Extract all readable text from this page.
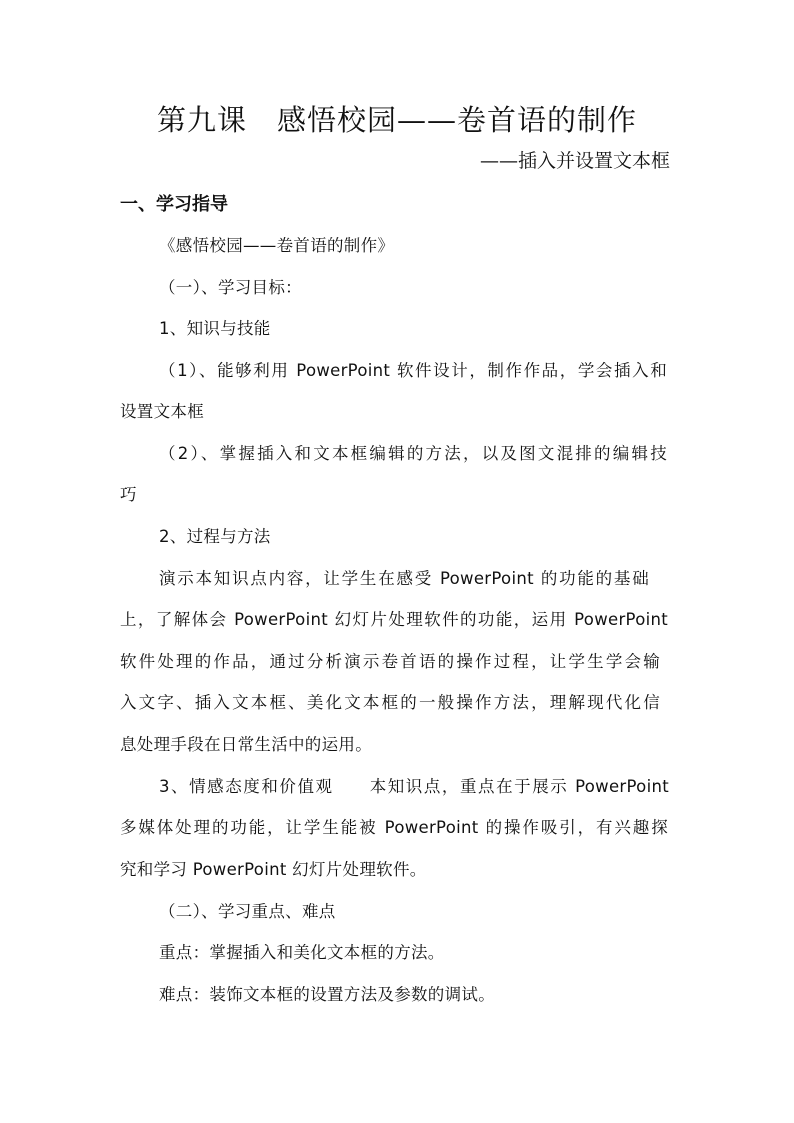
第九课　感悟校园——卷首语的制作
——插入并设置文本框
一、学习指导
《感悟校园——卷首语的制作》
（一）、学习目标：
1、知识与技能
（1）、能够利用 PowerPoint 软件设计，制作作品，学会插入和
设置文本框
（2）、掌握插入和文本框编辑的方法，以及图文混排的编辑技
巧
2、过程与方法
演示本知识点内容，让学生在感受 PowerPoint 的功能的基础
上，了解体会 PowerPoint 幻灯片处理软件的功能，运用 PowerPoint
软件处理的作品，通过分析演示卷首语的操作过程，让学生学会输
入文字、插入文本框、美化文本框的一般操作方法，理解现代化信
息处理手段在日常生活中的运用。
3、情感态度和价值观　　本知识点，重点在于展示 PowerPoint
多媒体处理的功能，让学生能被 PowerPoint 的操作吸引，有兴趣探
究和学习 PowerPoint 幻灯片处理软件。
（二）、学习重点、难点
重点：掌握插入和美化文本框的方法。
难点：装饰文本框的设置方法及参数的调试。
